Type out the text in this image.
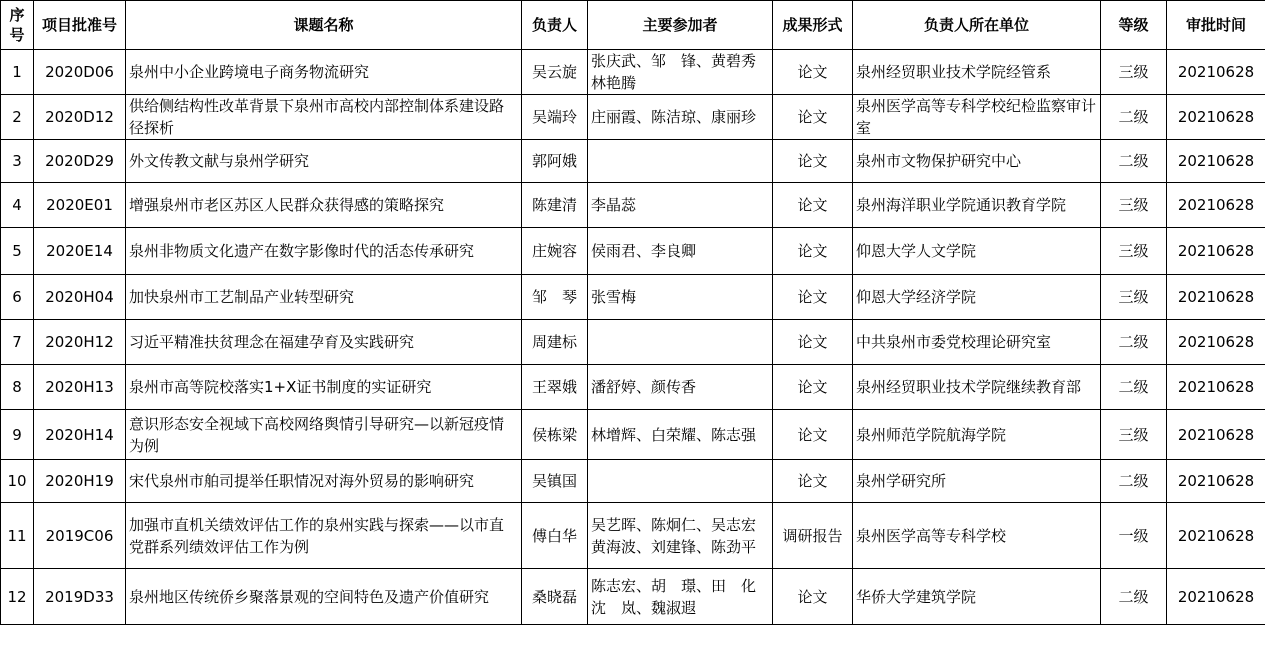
序
号	项目批准号	课题名称	负责人	主要参加者	成果形式	负责人所在单位	等级	审批时间
1	2020D06	泉州中小企业跨境电子商务物流研究	吴云旋	张庆武、邹　锋、黄碧秀林艳腾	论文	泉州经贸职业技术学院经管系	三级	20210628
2	2020D12	供给侧结构性改革背景下泉州市高校内部控制体系建设路径探析	吴端玲	庄丽霞、陈洁琼、康丽珍	论文	泉州医学高等专科学校纪检监察审计室	二级	20210628
3	2020D29	外文传教文献与泉州学研究	郭阿娥		论文	泉州市文物保护研究中心	二级	20210628
4	2020E01	增强泉州市老区苏区人民群众获得感的策略探究	陈建清	李晶蕊	论文	泉州海洋职业学院通识教育学院	三级	20210628
5	2020E14	泉州非物质文化遗产在数字影像时代的活态传承研究	庄婉容	侯雨君、李良卿	论文	仰恩大学人文学院	三级	20210628
6	2020H04	加快泉州市工艺制品产业转型研究	邹　琴	张雪梅	论文	仰恩大学经济学院	三级	20210628
7	2020H12	习近平精准扶贫理念在福建孕育及实践研究	周建标		论文	中共泉州市委党校理论研究室	二级	20210628
8	2020H13	泉州市高等院校落实1+X证书制度的实证研究	王翠娥	潘舒婷、颜传香	论文	泉州经贸职业技术学院继续教育部	二级	20210628
9	2020H14	意识形态安全视域下高校网络舆情引导研究—以新冠疫情为例	侯栋梁	林增辉、白荣耀、陈志强	论文	泉州师范学院航海学院	三级	20210628
10	2020H19	宋代泉州市舶司提举任职情况对海外贸易的影响研究	吴镇国		论文	泉州学研究所	二级	20210628
11	2019C06	加强市直机关绩效评估工作的泉州实践与探索——以市直党群系列绩效评估工作为例	傅白华	吴艺晖、陈炯仁、吴志宏黄海波、刘建锋、陈劲平	调研报告	泉州医学高等专科学校	一级	20210628
12	2019D33	泉州地区传统侨乡聚落景观的空间特色及遗产价值研究	桑晓磊	陈志宏、胡　璟、田　化沈　岚、魏淑遐	论文	华侨大学建筑学院	二级	20210628
